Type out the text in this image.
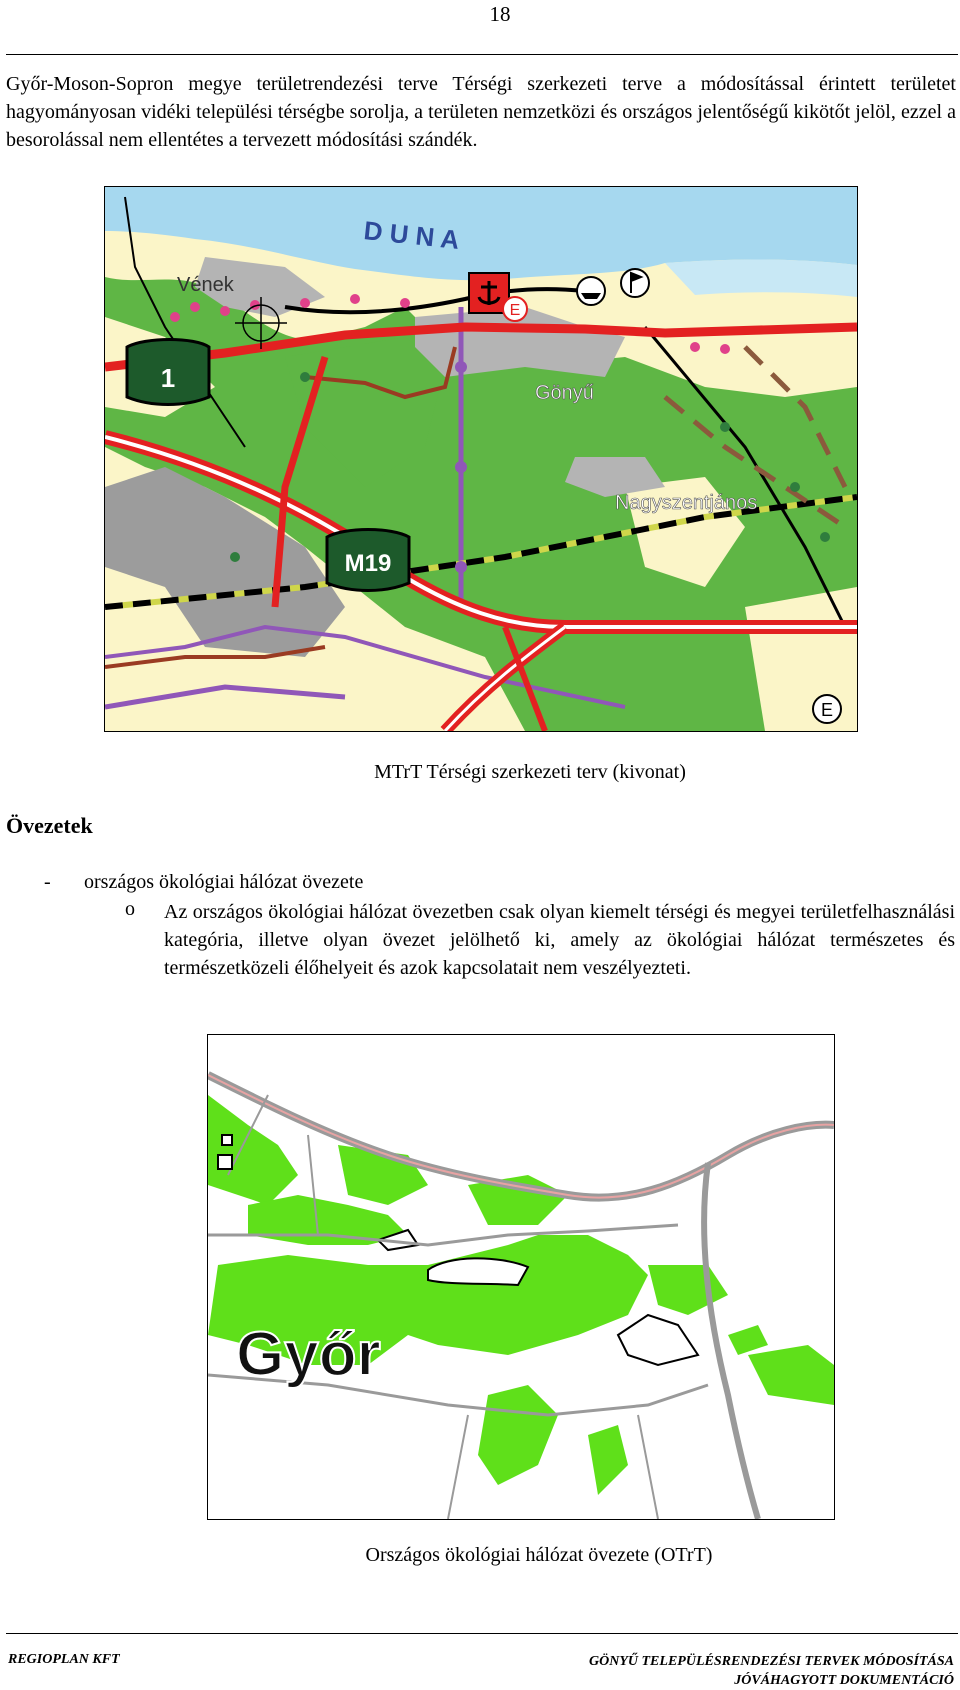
18
Győr-Moson-Sopron megye területrendezési terve Térségi szerkezeti terve a módosítással érintett területet hagyományosan vidéki települési térségbe sorolja, a területen nemzetközi és országos jelentőségű kikötőt jelöl, ezzel a besorolással nem ellentétes a tervezett módosítási szándék.
E
E
1
M19
D U N A
Vének
Gönyű
Nagyszentjános
MTrT Térségi szerkezeti terv (kivonat)
Övezetek
- országos ökológiai hálózat övezete
o Az országos ökológiai hálózat övezetben csak olyan kiemelt térségi és megyei területfelhasználási kategória, illetve olyan övezet jelölhető ki, amely az ökológiai hálózat természetes és természetközeli élőhelyeit és azok kapcsolatait nem veszélyezteti.
Győr
Országos ökológiai hálózat övezete (OTrT)
REGIOPLAN KFT	GÖNYŰ TELEPÜLÉSRENDEZÉSI TERVEK MÓDOSÍTÁSA
JÓVÁHAGYOTT DOKUMENTÁCIÓ
